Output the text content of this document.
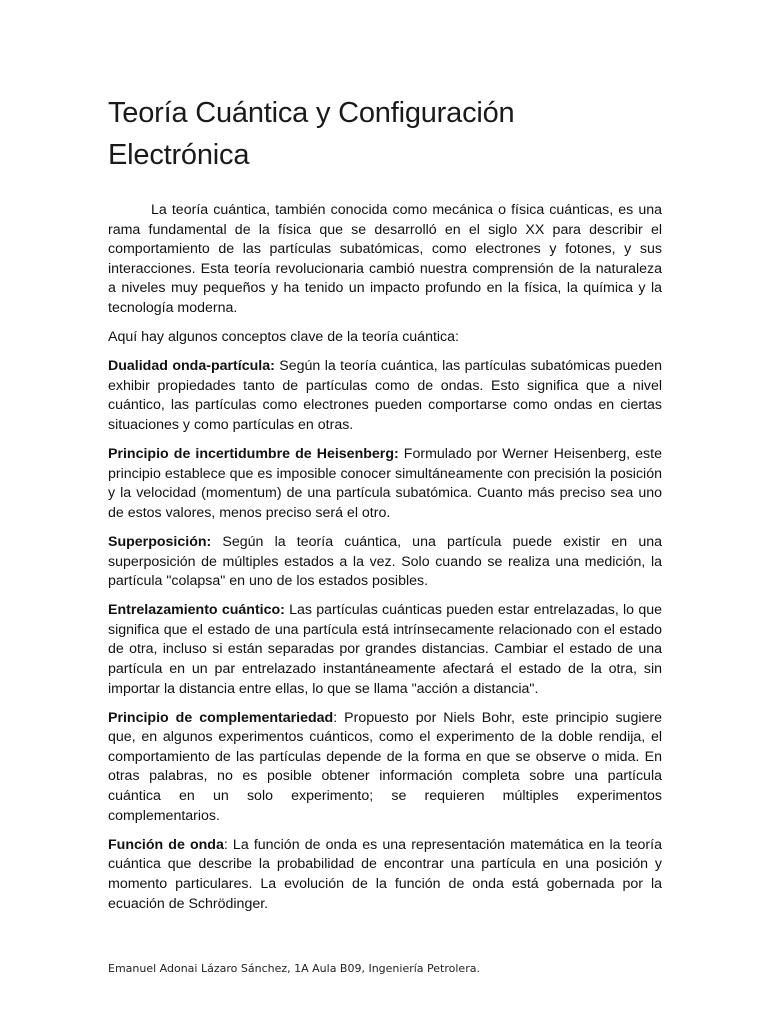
Teoría Cuántica y Configuración
Electrónica

La teoría cuántica, también conocida como mecánica o física cuánticas, es una rama fundamental de la física que se desarrolló en el siglo XX para describir el comportamiento de las partículas subatómicas, como electrones y fotones, y sus interacciones. Esta teoría revolucionaria cambió nuestra comprensión de la naturaleza a niveles muy pequeños y ha tenido un impacto profundo en la física, la química y la tecnología moderna.

Aquí hay algunos conceptos clave de la teoría cuántica:

Dualidad onda-partícula: Según la teoría cuántica, las partículas subatómicas pueden exhibir propiedades tanto de partículas como de ondas. Esto significa que a nivel cuántico, las partículas como electrones pueden comportarse como ondas en ciertas situaciones y como partículas en otras.

Principio de incertidumbre de Heisenberg: Formulado por Werner Heisenberg, este principio establece que es imposible conocer simultáneamente con precisión la posición y la velocidad (momentum) de una partícula subatómica. Cuanto más preciso sea uno de estos valores, menos preciso será el otro.

Superposición: Según la teoría cuántica, una partícula puede existir en una superposición de múltiples estados a la vez. Solo cuando se realiza una medición, la partícula "colapsa" en uno de los estados posibles.

Entrelazamiento cuántico: Las partículas cuánticas pueden estar entrelazadas, lo que significa que el estado de una partícula está intrínsecamente relacionado con el estado de otra, incluso si están separadas por grandes distancias. Cambiar el estado de una partícula en un par entrelazado instantáneamente afectará el estado de la otra, sin importar la distancia entre ellas, lo que se llama "acción a distancia".

Principio de complementariedad: Propuesto por Niels Bohr, este principio sugiere que, en algunos experimentos cuánticos, como el experimento de la doble rendija, el comportamiento de las partículas depende de la forma en que se observe o mida. En otras palabras, no es posible obtener información completa sobre una partícula cuántica en un solo experimento; se requieren múltiples experimentos complementarios.

Función de onda: La función de onda es una representación matemática en la teoría cuántica que describe la probabilidad de encontrar una partícula en una posición y momento particulares. La evolución de la función de onda está gobernada por la ecuación de Schrödinger.

Emanuel Adonai Lázaro Sánchez, 1A Aula B09, Ingeniería Petrolera.
